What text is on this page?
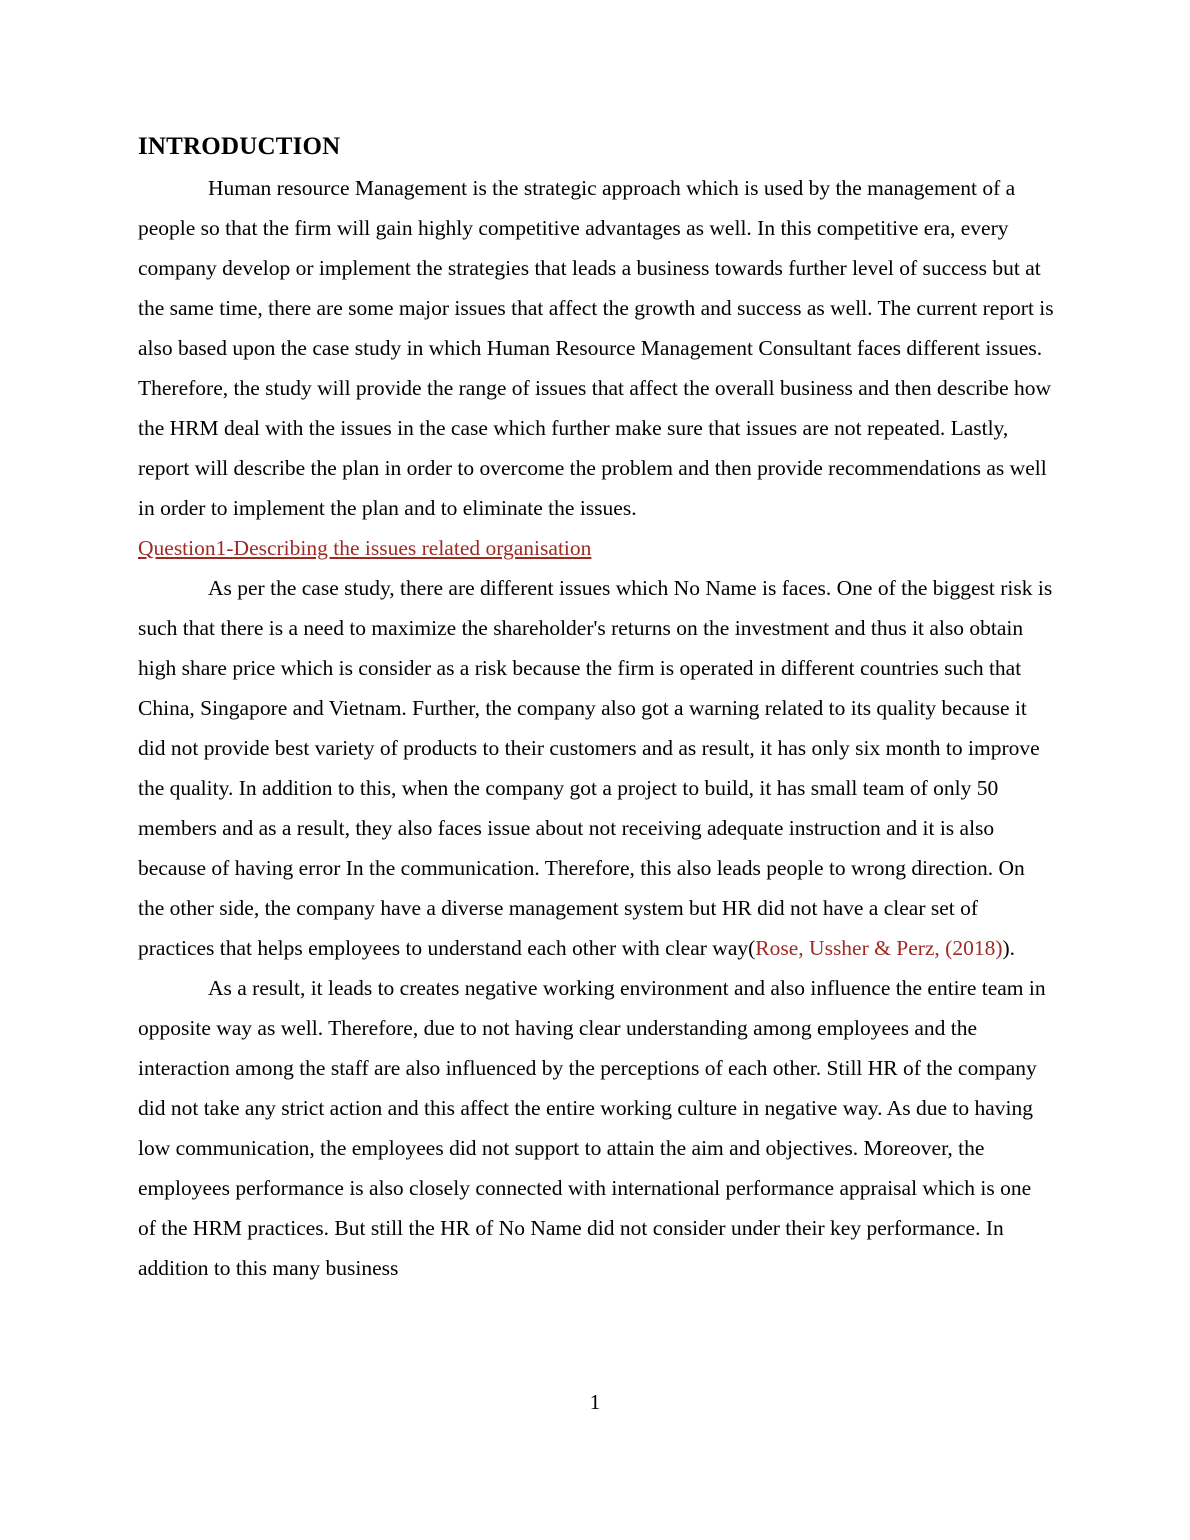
INTRODUCTION

Human resource Management is the strategic approach which is used by the management of a people so that the firm will gain highly competitive advantages as well. In this competitive era, every company develop or implement the strategies that leads a business towards further level of success but at the same time, there are some major issues that affect the growth and success as well. The current report is also based upon the case study in which Human Resource Management Consultant faces different issues. Therefore, the study will provide the range of issues that affect the overall business and then describe how the HRM deal with the issues in the case which further make sure that issues are not repeated. Lastly, report will describe the plan in order to overcome the problem and then provide recommendations as well in order to implement the plan and to eliminate the issues.

Question1-Describing the issues related organisation

As per the case study, there are different issues which No Name is faces. One of the biggest risk is such that there is a need to maximize the shareholder's returns on the investment and thus it also obtain high share price which is consider as a risk because the firm is operated in different countries such that China, Singapore and Vietnam. Further, the company also got a warning related to its quality because it did not provide best variety of products to their customers and as result, it has only six month to improve the quality. In addition to this, when the company got a project to build, it has small team of only 50 members and as a result, they also faces issue about not receiving adequate instruction and it is also because of having error In the communication. Therefore, this also leads people to wrong direction. On the other side, the company have a diverse management system but HR did not have a clear set of practices that helps employees to understand each other with clear way(Rose, Ussher & Perz, (2018)).

As a result, it leads to creates negative working environment and also influence the entire team in opposite way as well. Therefore, due to not having clear understanding among employees and the interaction among the staff are also influenced by the perceptions of each other. Still HR of the company did not take any strict action and this affect the entire working culture in negative way. As due to having low communication, the employees did not support to attain the aim and objectives. Moreover, the employees performance is also closely connected with international performance appraisal which is one of the HRM practices. But still the HR of No Name did not consider under their key performance. In addition to this many business

1
